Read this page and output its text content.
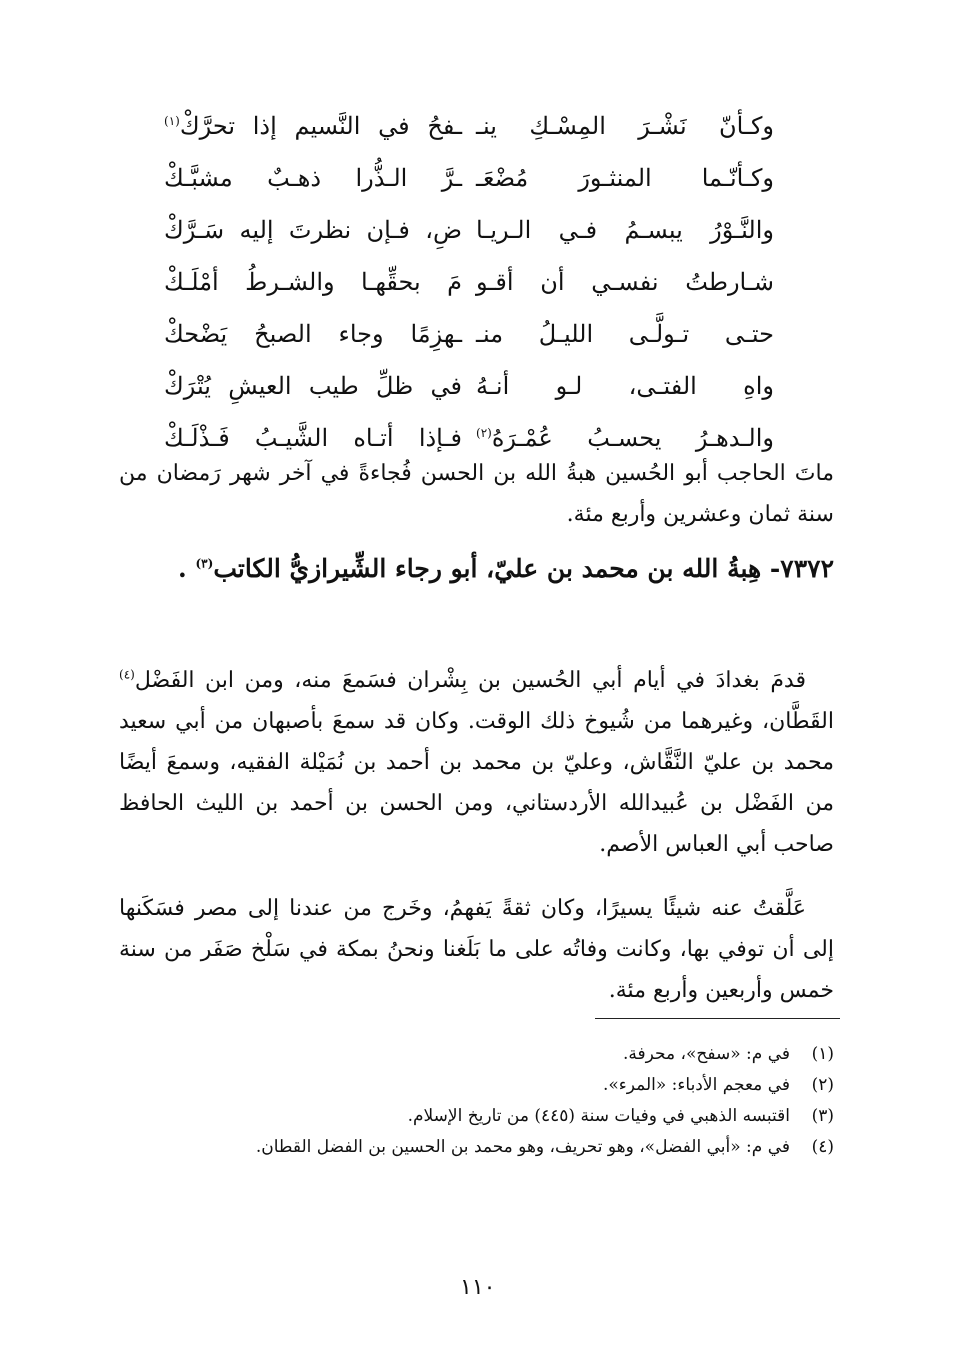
وكـأنّ نَشْـرَ المِسْـكِ ينـ
ـفحُ في النَّسيم إذا تحرَّكْ$^{(١)}$
وكـأنّـما المنثـورَ مُضْعَـ
ـرَّ الـذُّرا ذهـبٌ مشبَّـكْ
والنَّـوْرُ يبسـمُ فـي الـريـا
ضِ، فـإن نظرتَ إليه سَـرَّكْ
شـارطتُ نفسـي أن أقـو
مَ بحقِّهـا والشـرطُ أمْلَـكْ
حتـى تـولَّـى الليـلُ منـ
ـهزِمًا وجاء الصبحُ يَضْحكْ
واهِ الفتـى، لـو أنـهُ
في ظلِّ طيب العيشِ يُتْرَكْ
والـدهـرُ يحسـبُ عُمْـرَهُ$^{(٢)}$
فـإذا أتـاه الشَّيـبُ فَـذْلَـكْ

ماتَ الحاجب أبو الحُسين هبةُ الله بن الحسن فُجاءةً في آخر شهر رَمضان من سنة ثمان وعشرين وأربع مئة.

٧٣٧٢- هِبةُ الله بن محمد بن عليّ، أبو رجاء الشِّيرازيُّ الكاتب$^{(٣)}$ .

قدمَ بغدادَ في أيام أبي الحُسين بن بِشْران فسَمعَ منه، ومن ابن الفَضْل$^{(٤)}$ القَطَّان، وغيرهما من شُيوخ ذلك الوقت. وكان قد سمعَ بأصبهان من أبي سعيد محمد بن عليّ النَّقَّاش، وعليّ بن محمد بن أحمد بن نُمَيْلة الفقيه، وسمعَ أيضًا من الفَضْل بن عُبيدالله الأردستاني، ومن الحسن بن أحمد بن الليث الحافظ صاحب أبي العباس الأصم.

عَلَّقتُ عنه شيئًا يسيرًا، وكان ثقةً يَفهمُ، وخَرج من عندنا إلى مصر فسَكَنها إلى أن توفي بها، وكانت وفاتُه على ما بَلَغنا ونحنُ بمكة في سَلْخ صَفَر من سنة خمس وأربعين وأربع مئة.

(١)
في م: «سفح»، محرفة.
(٢)
في معجم الأدباء: «المرء».
(٣)
اقتبسه الذهبي في وفيات سنة (٤٤٥) من تاريخ الإسلام.
(٤)
في م: «أبي الفضل»، وهو تحريف، وهو محمد بن الحسين بن الفضل القطان.
١١٠
